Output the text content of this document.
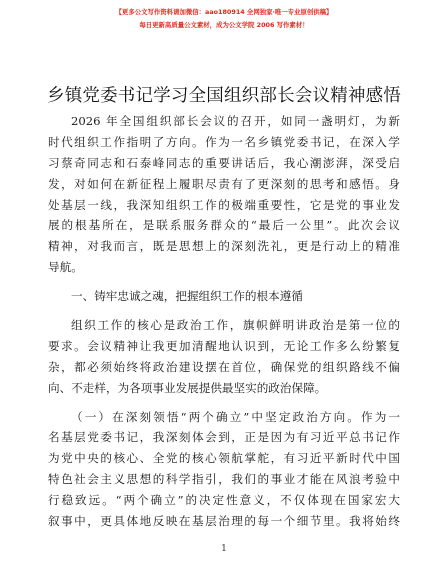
【更多公文写作资料请加微信：aao180914 全网独家·唯一专业原创供稿】
每日更新高质量公文素材，成为公文学院 2006 写作素材！
乡镇党委书记学习全国组织部长会议精神感悟
2026 年全国组织部长会议的召开，如同一盏明灯，为新
时代组织工作指明了方向。作为一名乡镇党委书记，在深入学
习蔡奇同志和石泰峰同志的重要讲话后，我心潮澎湃，深受启
发，对如何在新征程上履职尽责有了更深刻的思考和感悟。身
处基层一线，我深知组织工作的极端重要性，它是党的事业发
展的根基所在，是联系服务群众的“最后一公里”。此次会议
精神，对我而言，既是思想上的深刻洗礼，更是行动上的精准
导航。
一、铸牢忠诚之魂，把握组织工作的根本遵循
组织工作的核心是政治工作，旗帜鲜明讲政治是第一位的
要求。会议精神让我更加清醒地认识到，无论工作多么纷繁复
杂，都必须始终将政治建设摆在首位，确保党的组织路线不偏
向、不走样，为各项事业发展提供最坚实的政治保障。
（一）在深刻领悟“两个确立”中坚定政治方向。作为一
名基层党委书记，我深刻体会到，正是因为有习近平总书记作
为党中央的核心、全党的核心领航掌舵，有习近平新时代中国
特色社会主义思想的科学指引，我们的事业才能在风浪考验中
行稳致远。“两个确立”的决定性意义，不仅体现在国家宏大
叙事中，更具体地反映在基层治理的每一个细节里。我将始终
1
